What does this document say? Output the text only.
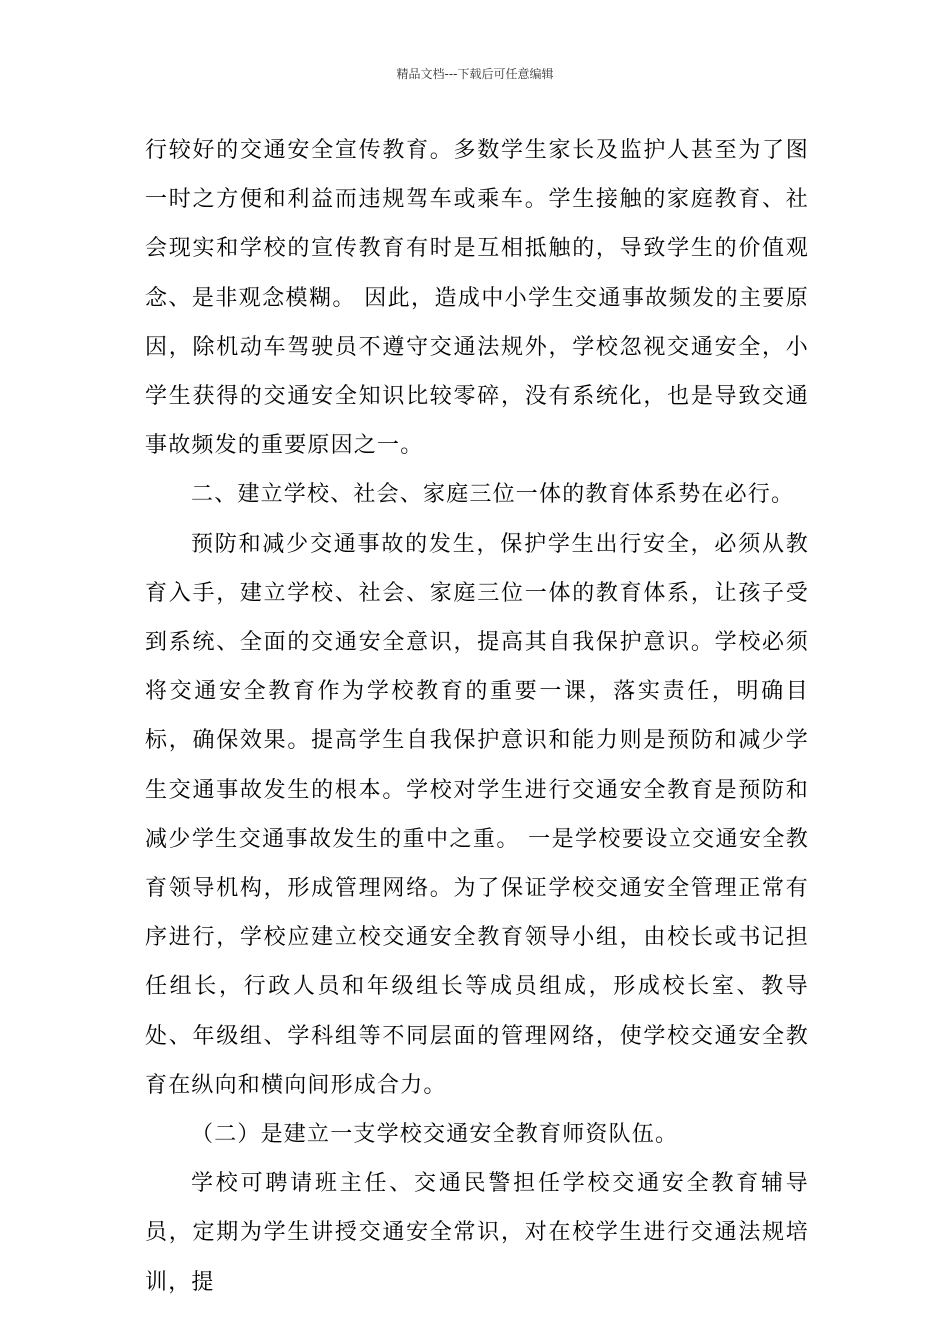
精品文档---下载后可任意编辑

行较好的交通安全宣传教育。多数学生家长及监护人甚至为了图一时之方便和利益而违规驾车或乘车。学生接触的家庭教育、社会现实和学校的宣传教育有时是互相抵触的，导致学生的价值观念、是非观念模糊。 因此，造成中小学生交通事故频发的主要原因，除机动车驾驶员不遵守交通法规外，学校忽视交通安全，小学生获得的交通安全知识比较零碎，没有系统化，也是导致交通事故频发的重要原因之一。

二、建立学校、社会、家庭三位一体的教育体系势在必行。

预防和减少交通事故的发生，保护学生出行安全，必须从教育入手，建立学校、社会、家庭三位一体的教育体系，让孩子受到系统、全面的交通安全意识，提高其自我保护意识。学校必须将交通安全教育作为学校教育的重要一课，落实责任，明确目标，确保效果。提高学生自我保护意识和能力则是预防和减少学生交通事故发生的根本。学校对学生进行交通安全教育是预防和减少学生交通事故发生的重中之重。 一是学校要设立交通安全教育领导机构，形成管理网络。为了保证学校交通安全管理正常有序进行，学校应建立校交通安全教育领导小组，由校长或书记担任组长，行政人员和年级组长等成员组成，形成校长室、教导处、年级组、学科组等不同层面的管理网络，使学校交通安全教育在纵向和横向间形成合力。

（二）是建立一支学校交通安全教育师资队伍。

学校可聘请班主任、交通民警担任学校交通安全教育辅导员，定期为学生讲授交通安全常识，对在校学生进行交通法规培训，提
